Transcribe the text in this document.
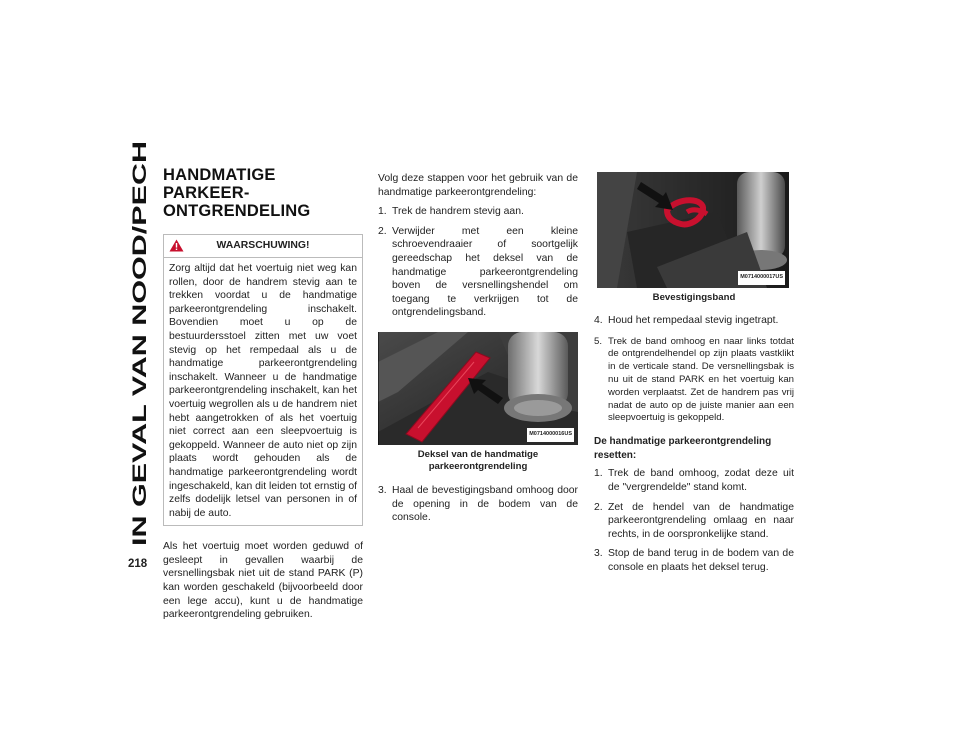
IN GEVAL VAN NOOD/PECH
218
HANDMATIGE PARKEER-
ONTGRENDELING
WAARSCHUWING!
Zorg altijd dat het voertuig niet weg kan rollen, door de handrem stevig aan te trekken voordat u de handmatige parkeerontgrendeling inschakelt. Bovendien moet u op de bestuurdersstoel zitten met uw voet stevig op het rempedaal als u de handmatige parkeerontgrendeling inschakelt. Wanneer u de handmatige parkeerontgrendeling inschakelt, kan het voertuig wegrollen als u de handrem niet hebt aangetrokken of als het voertuig niet correct aan een sleepvoertuig is gekoppeld. Wanneer de auto niet op zijn plaats wordt gehouden als de handmatige parkeerontgrendeling wordt ingeschakeld, kan dit leiden tot ernstig of zelfs dodelijk letsel van personen in of nabij de auto.

Als het voertuig moet worden geduwd of gesleept in gevallen waarbij de versnellingsbak niet uit de stand PARK (P) kan worden geschakeld (bijvoorbeeld door een lege accu), kunt u de handmatige parkeerontgrendeling gebruiken.

Volg deze stappen voor het gebruik van de handmatige parkeerontgrendeling:

1. Trek de handrem stevig aan.
2. Verwijder met een kleine schroevendraaier of soortgelijk gereedschap het deksel van de handmatige parkeerontgrendeling boven de versnellingshendel om toegang te verkrijgen tot de ontgrendelingsband.
M0714000016US
Deksel van de handmatige parkeerontgrendeling
3. Haal de bevestigingsband omhoog door de opening in de bodem van de console.
M0714000017US
Bevestigingsband
4. Houd het rempedaal stevig ingetrapt.
5. Trek de band omhoog en naar links totdat de ontgrendelhendel op zijn plaats vastklikt in de verticale stand. De versnellingsbak is nu uit de stand PARK en het voertuig kan worden verplaatst. Zet de handrem pas vrij nadat de auto op de juiste manier aan een sleepvoertuig is gekoppeld.
De handmatige parkeerontgrendeling resetten:
1. Trek de band omhoog, zodat deze uit de "vergrendelde" stand komt.
2. Zet de hendel van de handmatige parkeerontgrendeling omlaag en naar rechts, in de oorspronkelijke stand.
3. Stop de band terug in de bodem van de console en plaats het deksel terug.
